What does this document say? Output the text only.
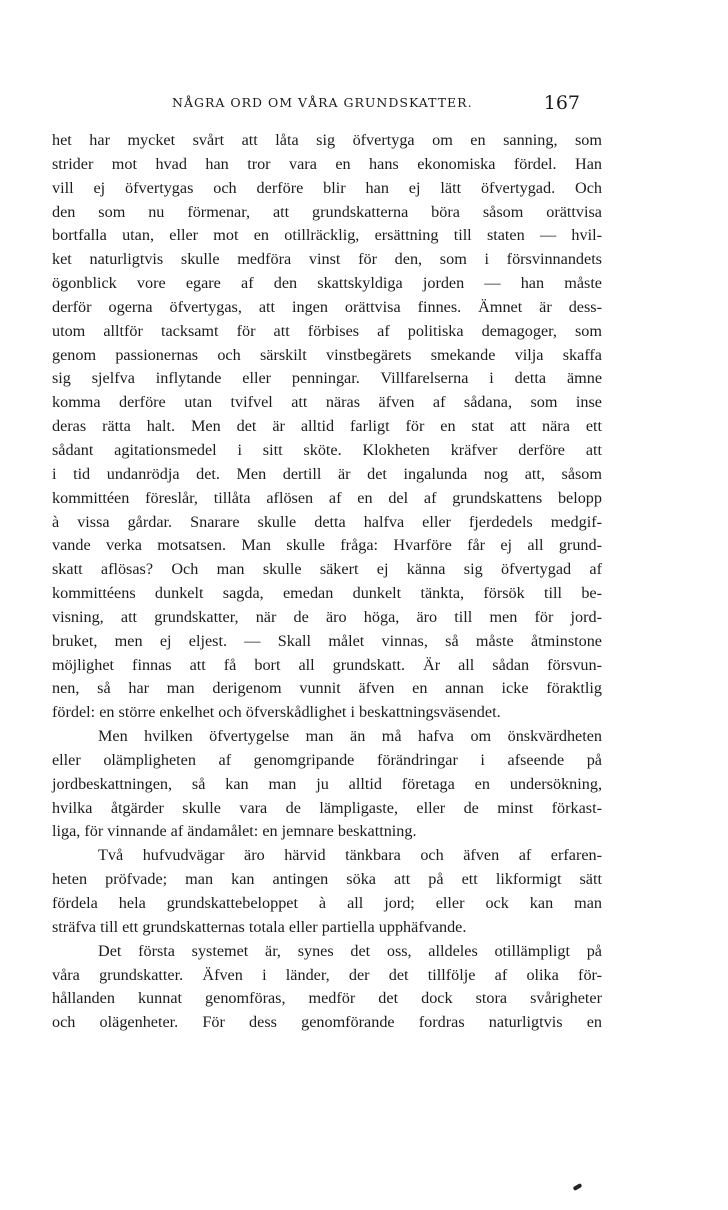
NÅGRA ORD OM VÅRA GRUNDSKATTER.	167
het har mycket svårt att låta sig öfvertyga om en sanning, som
strider mot hvad han tror vara en hans ekonomiska fördel. Han
vill ej öfvertygas och derföre blir han ej lätt öfvertygad. Och
den som nu förmenar, att grundskatterna böra såsom orättvisa
bortfalla utan, eller mot en otillräcklig, ersättning till staten — hvil-
ket naturligtvis skulle medföra vinst för den, som i försvinnandets
ögonblick vore egare af den skattskyldiga jorden — han måste
derför ogerna öfvertygas, att ingen orättvisa finnes. Ämnet är dess-
utom alltför tacksamt för att förbises af politiska demagoger, som
genom passionernas och särskilt vinstbegärets smekande vilja skaffa
sig sjelfva inflytande eller penningar. Villfarelserna i detta ämne
komma derföre utan tvifvel att näras äfven af sådana, som inse
deras rätta halt. Men det är alltid farligt för en stat att nära ett
sådant agitationsmedel i sitt sköte. Klokheten kräfver derföre att
i tid undanrödja det. Men dertill är det ingalunda nog att, såsom
kommittéen föreslår, tillåta aflösen af en del af grundskattens belopp
à vissa gårdar. Snarare skulle detta halfva eller fjerdedels medgif-
vande verka motsatsen. Man skulle fråga: Hvarföre får ej all grund-
skatt aflösas? Och man skulle säkert ej känna sig öfvertygad af
kommittéens dunkelt sagda, emedan dunkelt tänkta, försök till be-
visning, att grundskatter, när de äro höga, äro till men för jord-
bruket, men ej eljest. — Skall målet vinnas, så måste åtminstone
möjlighet finnas att få bort all grundskatt. Är all sådan försvun-
nen, så har man derigenom vunnit äfven en annan icke föraktlig
fördel: en större enkelhet och öfverskådlighet i beskattningsväsendet.
Men hvilken öfvertygelse man än må hafva om önskvärdheten
eller olämpligheten af genomgripande förändringar i afseende på
jordbeskattningen, så kan man ju alltid företaga en undersökning,
hvilka åtgärder skulle vara de lämpligaste, eller de minst förkast-
liga, för vinnande af ändamålet: en jemnare beskattning.
Två hufvudvägar äro härvid tänkbara och äfven af erfaren-
heten pröfvade; man kan antingen söka att på ett likformigt sätt
fördela hela grundskattebeloppet à all jord; eller ock kan man
sträfva till ett grundskatternas totala eller partiella upphäfvande.
Det första systemet är, synes det oss, alldeles otillämpligt på
våra grundskatter. Äfven i länder, der det tillfölje af olika för-
hållanden kunnat genomföras, medför det dock stora svårigheter
och olägenheter. För dess genomförande fordras naturligtvis en
